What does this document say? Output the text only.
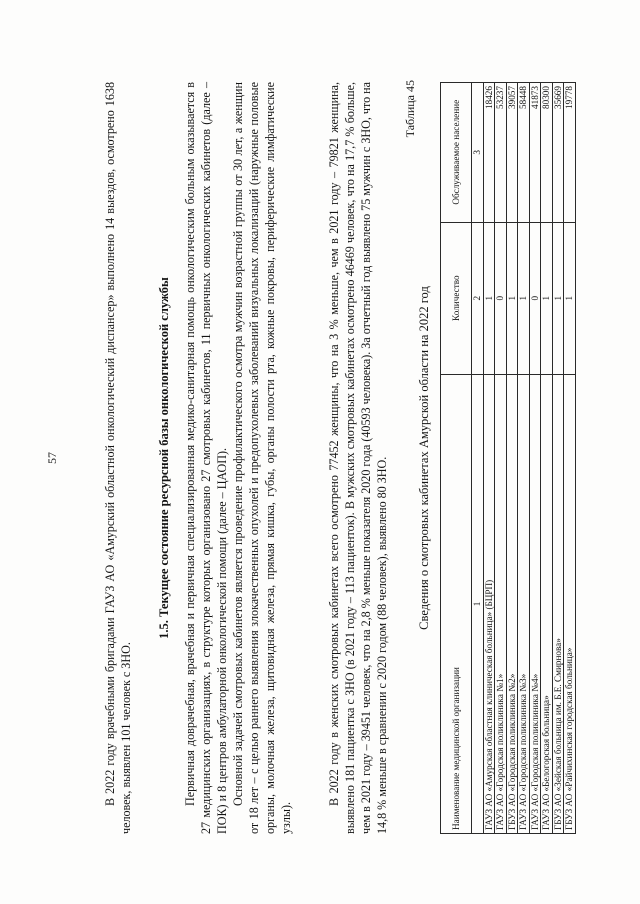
57	В 2022 году врачебными бригадами ГАУЗ АО «Амурский областной онкологический диспансер» выполнено 14 выездов, осмотрено 1638 человек, выявлен 101 человек с ЗНО.

1.5. Текущее состояние ресурсной базы онкологической службы Первичная доврачебная, врачебная и первичная специализированная медико-санитарная помощь онкологическим больным оказывается в 27 медицинских организациях, в структуре которых организовано 27 смотровых кабинетов, 11 первичных онкологических кабинетов (далее – ПОК) и 8 центров амбулаторной онкологической помощи (далее – ЦАОП). Основной задачей смотровых кабинетов является проведение профилактического осмотра мужчин возрастной группы от 30 лет, а женщин от 18 лет – с целью раннего выявления злокачественных опухолей и предопухолевых заболеваний визуальных локализаций (наружные половые органы, молочная железа, щитовидная железа, прямая кишка, губы, органы полости рта, кожные покровы, периферические лимфатические узлы).

В 2022 году в женских смотровых кабинетах всего осмотрено 77452 женщины, что на 3 % меньше, чем в 2021 году – 79821 женщина, выявлено 181 пациентка с ЗНО (в 2021 году – 113 пациенток). В мужских смотровых кабинетах осмотрено 46469 человек, что на 17,7 % больше, чем в 2021 году – 39451 человек, что на 2,8 % меньше показателя 2020 года (40593 человека). За отчетный год выявлено 75 мужчин с ЗНО, что на 14,8 % меньше в сравнении с 2020 годом (88 человек), выявлено 80 ЗНО.

Таблица 45
Сведения о смотровых кабинетах Амурской области на 2022 год
Наименование медицинской организации	Количество	Обслуживаемое население
1	2	3
ГАУЗ АО «Амурская областная клиническая больница» (БЦРП)	1	18426
ГАУЗ АО «Городская поликлиника №1»	0	53237
ГБУЗ АО «Городская поликлиника №2»	1	39057
ГАУЗ АО «Городская поликлиника №3»	1	58448
ГАУЗ АО «Городская поликлиника №4»	0	41873
ГАУЗ АО «Белогорская больница»	1	80300
ГБУЗ АО «Зейская больница им. Б.Е. Смирнова»	1	35669
ГБУЗ АО «Райчихинская городская больница»	1	19778
